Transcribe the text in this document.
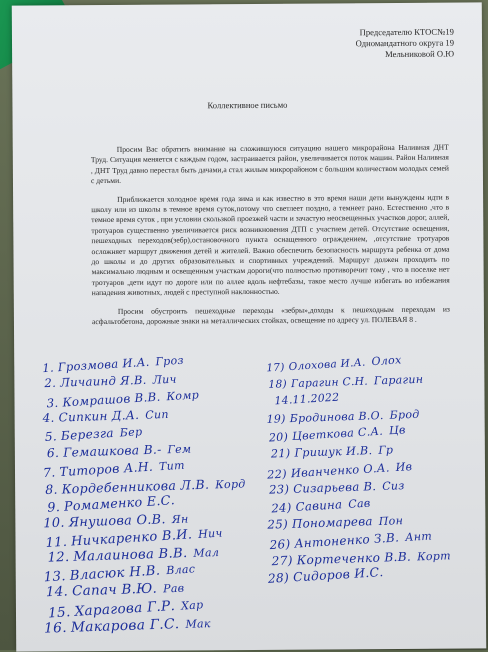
Председателю КТОС№19
Одномандатного округа 19
Мельниковой О.Ю
Коллективное письмо

Просим Вас обратить внимание на сложившуюся ситуацию нашего микрорайона Наливная ДНТ Труд. Ситуация меняется с каждым годом, застраивается район, увеличивается поток машин. Район Наливная , ДНТ Труд давно перестал быть дачами,а стал жилым микрорайоном с большим количеством молодых семей с детьми.

Приближается холодное время года зима и как известно в это время наши дети вынуждены идти в школу или из школы в темное время суток,потому что светлеет поздно, а темнеет рано. Естественно ,что в темное время суток , при условии скользкой проезжей части и зачастую неосвещенных участков дорог, аллей, тротуаров существенно увеличивается риск возникновения ДТП с участием детей. Отсутствие освещения, пешеходных переходов(зебр),остановочного пункта оснащенного ограждением, ,отсутствие тротуаров осложняет маршрут движения детей и жителей. Важно обеспечить безопасность маршрута ребенка от дома до школы и до других образовательных и спортивных учреждений. Маршрут должен проходить по максимально людным и освещенным участкам дороги(что полностью противоречит тому , что в поселке нет тротуаров ,дети идут по дороге или по аллее вдоль нефтебазы, такое место лучше избегать во избежания нападения животных, людей с преступной наклонностью.

Просим обустроить пешеходные переходы «зебры»,доходы к пешеходным переходам из асфальтобетона, дорожные знаки на металлических стойках, освещение по адресу ул. ПОЛЕВАЯ 8 .

1. Грозмова И.А. Гроз
2. Личаинд Я.В. Лич
3. Комрашов В.В. Комр
4. Сипкин Д.А. Сип
5. Березга Бер
6. Гемашкова В.- Гем
7. Титоров А.Н. Тит
8. Кордебенникова Л.В. Корд
9. Ромаменко Е.С.
10. Янушова О.В. Ян
11. Ничкаренко В.И. Нич
12. Малаинова В.В. Мал
13. Власюк Н.В. Влас
14. Сапач В.Ю. Рав
15. Харагова Г.Р. Хар
16. Макарова Г.С. Мак
17) Олохова И.А. Олох
18) Гарагин С.Н. Гарагин
14.11.2022
19) Бродинова В.О. Брод
20) Цветкова С.А. Цв
21) Гришук И.В. Гр
22) Иванченко О.А. Ив
23) Сизарьева В. Сиз
24) Савина Сав
25) Пономарева Пон
26) Антоненко З.В. Ант
27) Кортеченко В.В. Корт
28) Сидоров И.С.
